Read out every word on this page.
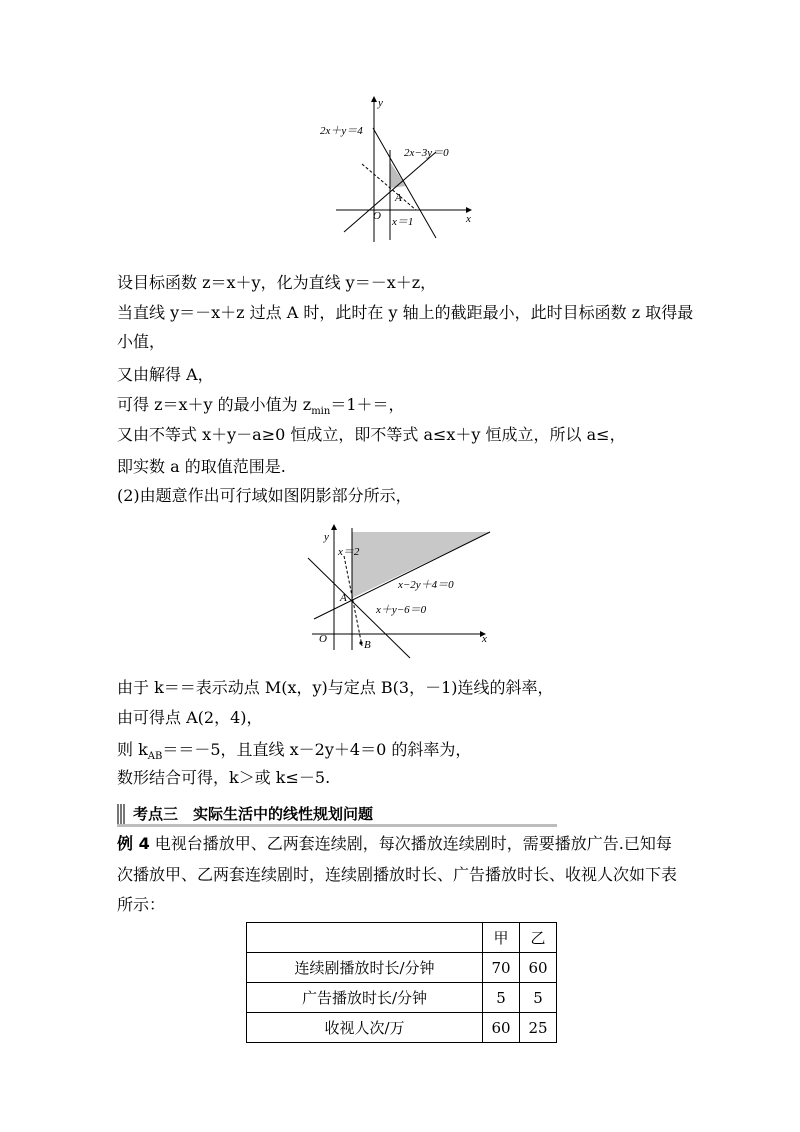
y
x
O
2x＋y＝4
2x−3y＝0
A
x＝1
设目标函数 z＝x＋y，化为直线 y＝－x＋z，
当直线 y＝－x＋z 过点 A 时，此时在 y 轴上的截距最小，此时目标函数 z 取得最
小值，
又由解得 A，
可得 z＝x＋y 的最小值为 $z_{min}=1+=$，
又由不等式 x＋y－a≥0 恒成立，即不等式 a≤x＋y 恒成立，所以 a≤，
即实数 a 的取值范围是.
(2)由题意作出可行域如图阴影部分所示，
y
x
O
x＝2
x−2y＋4＝0
x＋y−6＝0
A
B
由于 k＝＝表示动点 M(x，y)与定点 B(3，－1)连线的斜率，
由可得点 A(2，4)，
则 $k_{AB}==-5$，且直线 x－2y＋4＝0 的斜率为，
数形结合可得，k＞或 k≤－5.
考点三　实际生活中的线性规划问题
例 4 电视台播放甲、乙两套连续剧，每次播放连续剧时，需要播放广告.已知每
次播放甲、乙两套连续剧时，连续剧播放时长、广告播放时长、收视人次如下表
所示：
	甲	乙
连续剧播放时长/分钟	70	60
广告播放时长/分钟	5	5
收视人次/万	60	25
